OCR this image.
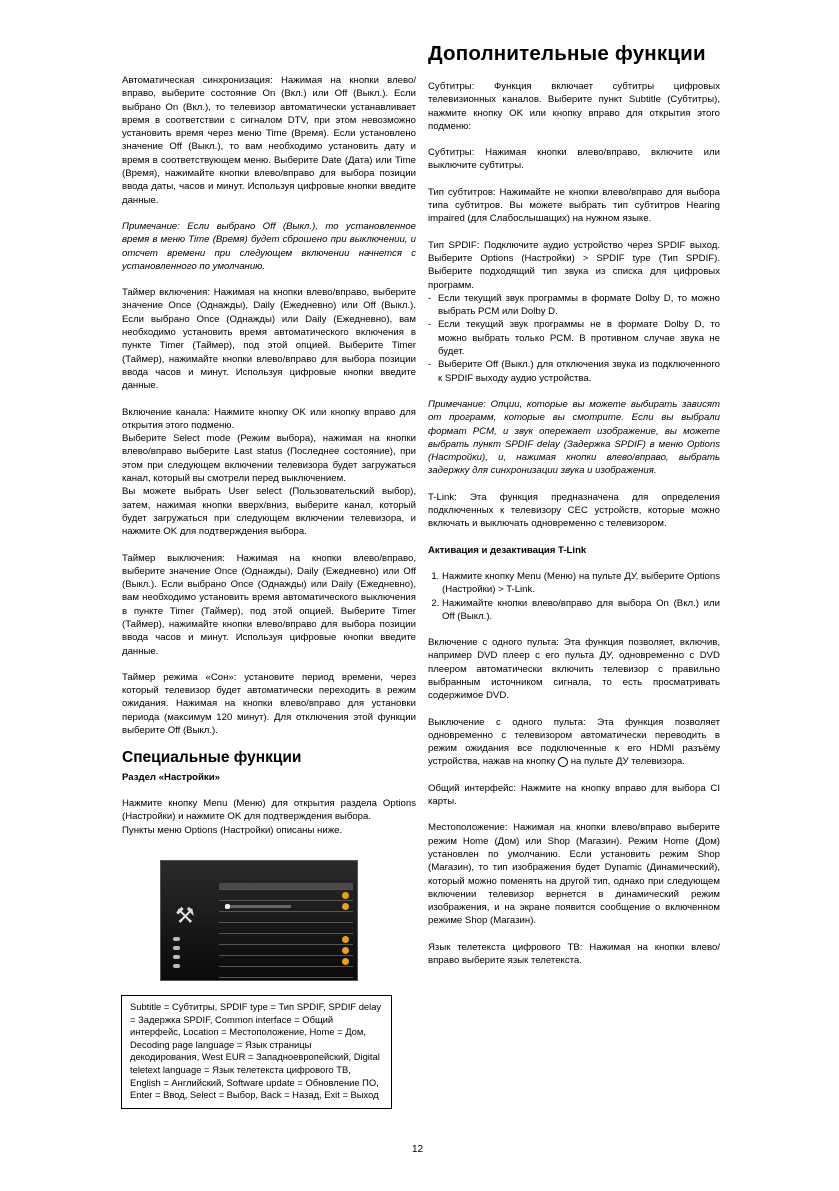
Дополнительные функции

Автоматическая синхронизация: Нажимая на кнопки влево/вправо, выберите состояние On (Вкл.) или Off (Выкл.). Если выбрано On (Вкл.), то телевизор автоматически устанавливает время в соответствии с сигналом DTV, при этом невозможно установить время через меню Time (Время). Если установлено значение Off (Выкл.), то вам необходимо установить дату и время в соответствующем меню. Выберите Date (Дата) или Time (Время), нажимайте кнопки влево/вправо для выбора позиции ввода даты, часов и минут. Используя цифровые кнопки введите данные.

Примечание: Если выбрано Off (Выкл.), то установленное время в меню Time (Время) будет сброшено при выключении, и отсчет времени при следующем включении начнется с установленного по умолчанию.

Таймер включения: Нажимая на кнопки влево/вправо, выберите значение Once (Однажды), Daily (Ежедневно) или Off (Выкл.). Если выбрано Once (Однажды) или Daily (Ежедневно), вам необходимо установить время автоматического включения в пункте Timer (Таймер), под этой опцией. Выберите Timer (Таймер), нажимайте кнопки влево/вправо для выбора позиции ввода часов и минут. Используя цифровые кнопки введите данные.

Включение канала: Нажмите кнопку OK или кнопку вправо для открытия этого подменю.

Выберите Select mode (Режим выбора), нажимая на кнопки влево/вправо выберите Last status (Последнее состояние), при этом при следующем включении телевизора будет загружаться канал, который вы смотрели перед выключением.

Вы можете выбрать User select (Пользовательский выбор), затем, нажимая кнопки вверх/вниз, выберите канал, который будет загружаться при следующем включении телевизора, и нажмите OK для подтверждения выбора.

Таймер выключения: Нажимая на кнопки влево/вправо, выберите значение Once (Однажды), Daily (Ежедневно) или Off (Выкл.). Если выбрано Once (Однажды) или Daily (Ежедневно), вам необходимо установить время автоматического выключения в пункте Timer (Таймер), под этой опцией. Выберите Timer (Таймер), нажимайте кнопки влево/вправо для выбора позиции ввода часов и минут. Используя цифровые кнопки введите данные.

Таймер режима «Сон»: установите период времени, через который телевизор будет автоматически переходить в режим ожидания. Нажимая на кнопки влево/вправо для установки периода (максимум 120 минут). Для отключения этой функции выберите Off (Выкл.).

Специальные функции

Раздел «Настройки»

Нажмите кнопку Menu (Меню) для открытия раздела Options (Настройки) и нажмите OK для подтверждения выбора.

Пункты меню Options (Настройки) описаны ниже.

⚒
Subtitle = Субтитры, SPDIF type = Тип SPDIF, SPDIF delay = Задержка SPDIF, Common interface = Общий интерфейс, Location = Местоположение, Home = Дом, Decoding page language = Язык страницы декодирования, West EUR = Западноевропейский, Digital teletext language = Язык телетекста цифрового ТВ, English = Английский, Software update = Обновление ПО, Enter = Ввод, Select = Выбор, Back = Назад, Exit = Выход

Субтитры: Функция включает субтитры цифровых телевизионных каналов. Выберите пункт Subtitle (Субтитры), нажмите кнопку OK или кнопку вправо для открытия этого подменю:

Субтитры: Нажимая кнопки влево/вправо, включите или выключите субтитры.

Тип субтитров: Нажимайте не кнопки влево/вправо для выбора типа субтитров. Вы можете выбрать тип субтитров Hearing impaired (для Слабослышащих) на нужном языке.

Тип SPDIF: Подключите аудио устройство через SPDIF выход. Выберите Options (Настройки) > SPDIF type (Тип SPDIF). Выберите подходящий тип звука из списка для цифровых программ.

- Если текущий звук программы в формате Dolby D, то можно выбрать PCM или Dolby D.
- Если текущий звук программы не в формате Dolby D, то можно выбрать только PCM. В противном случае звука не будет.
- Выберите Off (Выкл.) для отключения звука из подключенного к SPDIF выходу аудио устройства.

Примечание: Опции, которые вы можете выбирать зависят от программ, которые вы смотрите. Если вы выбрали формат PCM, и звук опережает изображение, вы можете выбрать пункт SPDIF delay (Задержка SPDIF) в меню Options (Настройки), и, нажимая кнопки влево/вправо, выбрать задержку для синхронизации звука и изображения.

T-Link: Эта функция предназначена для определения подключенных к телевизору CEC устройств, которые можно включать и выключать одновременно с телевизором.

Активация и дезактивация T-Link

1. Нажмите кнопку Menu (Меню) на пульте ДУ, выберите Options (Настройки) > T-Link.
2. Нажимайте кнопки влево/вправо для выбора On (Вкл.) или Off (Выкл.).

Включение с одного пульта: Эта функция позволяет, включив, например DVD плеер с его пульта ДУ, одновременно с DVD плеером автоматически включить телевизор с правильно выбранным источником сигнала, то есть просматривать содержимое DVD.

Выключение с одного пульта: Эта функция позволяет одновременно с телевизором автоматически переводить в режим ожидания все подключенные к его HDMI разъёму устройства, нажав на кнопку на пульте ДУ телевизора.

Общий интерфейс: Нажмите на кнопку вправо для выбора CI карты.

Местоположение: Нажимая на кнопки влево/вправо выберите режим Home (Дом) или Shop (Магазин). Режим Home (Дом) установлен по умолчанию. Если установить режим Shop (Магазин), то тип изображения будет Dynamic (Динамический), который можно поменять на другой тип, однако при следующем включении телевизор вернется в динамический режим изображения, и на экране появится сообщение о включенном режиме Shop (Магазин).

Язык телетекста цифрового ТВ: Нажимая на кнопки влево/вправо выберите язык телетекста.

12
